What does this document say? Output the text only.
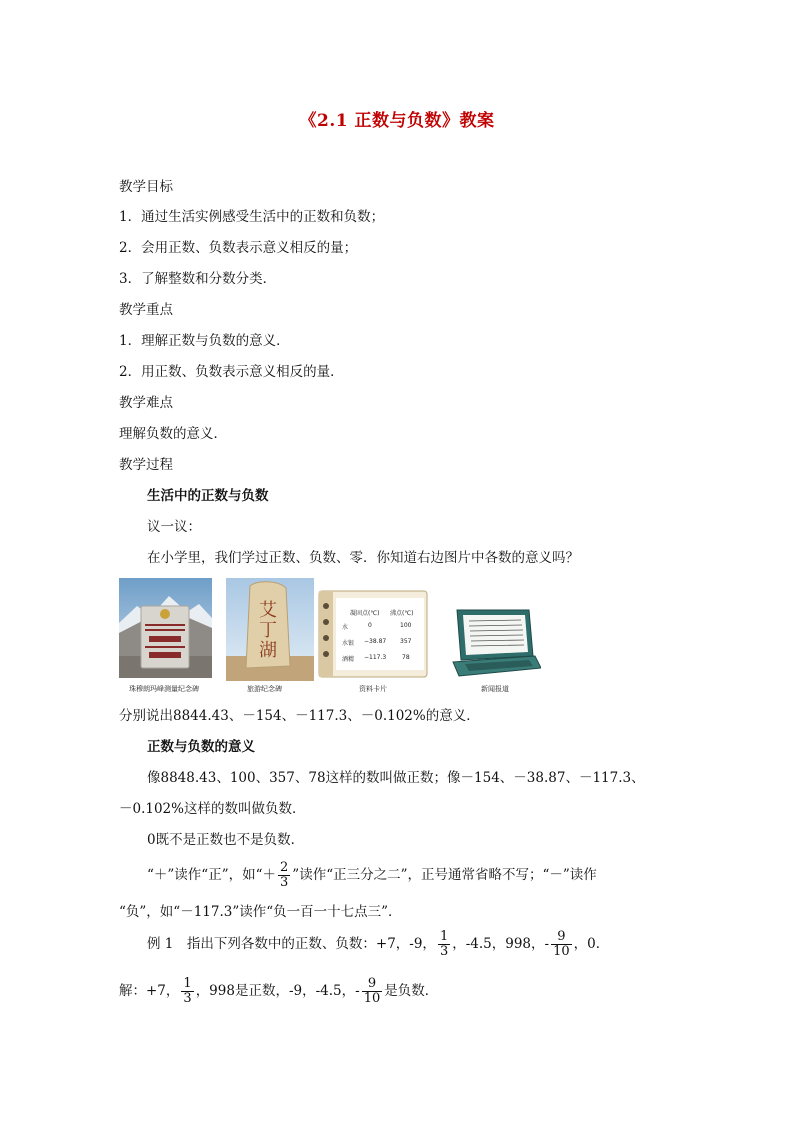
《2.1 正数与负数》教案
教学目标
1．通过生活实例感受生活中的正数和负数；
2．会用正数、负数表示意义相反的量；
3．了解整数和分数分类．
教学重点
1．理解正数与负数的意义．
2．用正数、负数表示意义相反的量．
教学难点
理解负数的意义．
教学过程
生活中的正数与负数
议一议：
在小学里，我们学过正数、负数、零．你知道右边图片中各数的意义吗？
珠穆朗玛峰测量纪念碑
艾
丁
湖
旅游纪念碑
凝固点(℃) 沸点(℃)
水	0	100
水银 −38.87 357
酒精 −117.3	78
资料卡片	新闻报道
分别说出8844.43、－154、－117.3、－0.102%的意义．
正数与负数的意义
像8848.43、100、357、78这样的数叫做正数；像－154、－38.87、－117.3、
－0.102%这样的数叫做负数．
0既不是正数也不是负数．
“＋”读作“正”，如“＋ $\frac{2}{3}$ ”读作“正三分之二”，正号通常省略不写；“－”读作
“负”，如“－117.3”读作“负一百一十七点三”．
例 1　指出下列各数中的正数、负数：+7，-9， $\frac{1}{3}$ ，-4.5，998，- $\frac{9}{10}$ ，0．
解：+7， $\frac{1}{3}$ ，998是正数，-9，-4.5，- $\frac{9}{10}$ 是负数．
